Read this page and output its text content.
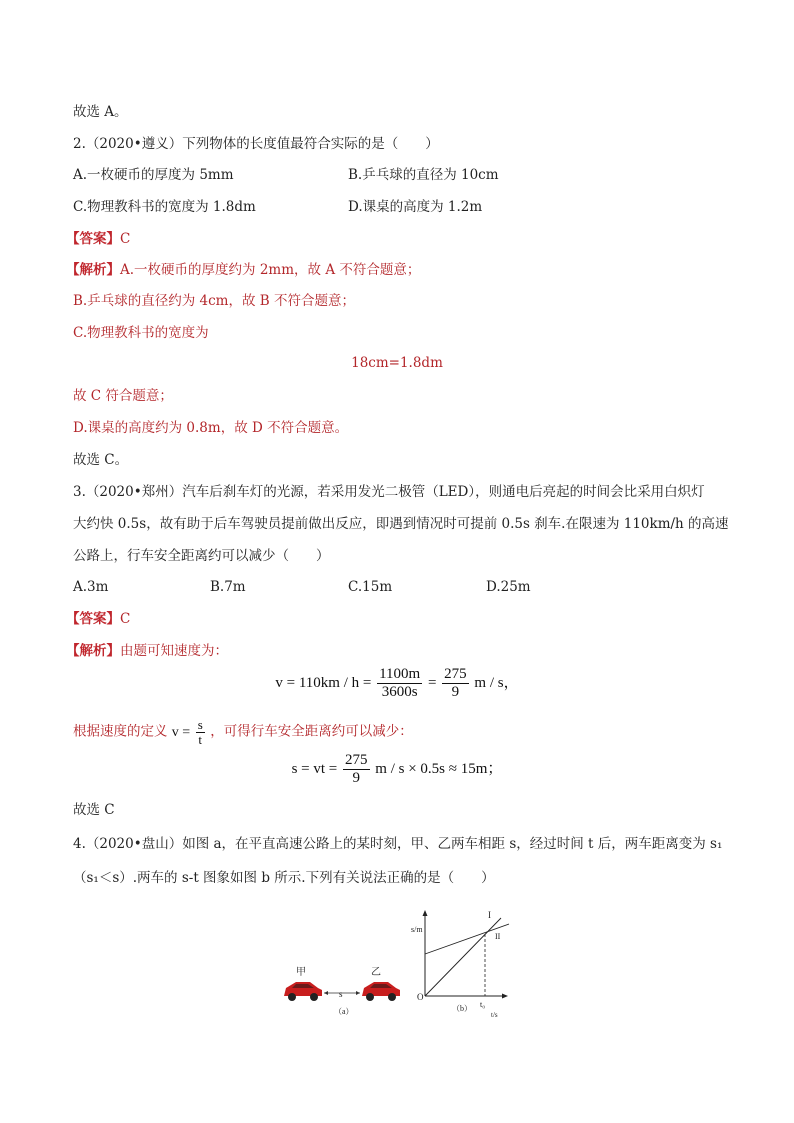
故选 A。
2.（2020•遵义）下列物体的长度值最符合实际的是（　　）
A.一枚硬币的厚度为 5mm	B.乒乓球的直径为 10cm
C.物理教科书的宽度为 1.8dm	D.课桌的高度为 1.2m
【答案】C
【解析】A.一枚硬币的厚度约为 2mm，故 A 不符合题意；
B.乒乓球的直径约为 4cm，故 B 不符合题意；
C.物理教科书的宽度为
18cm=1.8dm
故 C 符合题意；
D.课桌的高度约为 0.8m，故 D 不符合题意。
故选 C。
3.（2020•郑州）汽车后刹车灯的光源，若采用发光二极管（LED），则通电后亮起的时间会比采用白炽灯
大约快 0.5s，故有助于后车驾驶员提前做出反应，即遇到情况时可提前 0.5s 刹车.在限速为 110km/h 的高速
公路上，行车安全距离约可以减少（　　）
A.3m	B.7m	C.15m	D.25m
【答案】C
【解析】由题可知速度为：
$v = 110km / h = \frac{1100m}{3600s} = \frac{275}{9}$ m / s，
根据速度的定义 $v = \frac{s}{t}$ ，可得行车安全距离约可以减少：
s = vt = $\frac{275}{9}$ m / s × 0.5s ≈ 15m；
故选 C
4.（2020•盘山）如图 a，在平直高速公路上的某时刻，甲、乙两车相距 s，经过时间 t 后，两车距离变为 s₁
（s₁＜s）.两车的 s-t 图象如图 b 所示.下列有关说法正确的是（　　）
甲	乙
s
（a）
s/m
t/s
O
t₀
I
II
（b）
